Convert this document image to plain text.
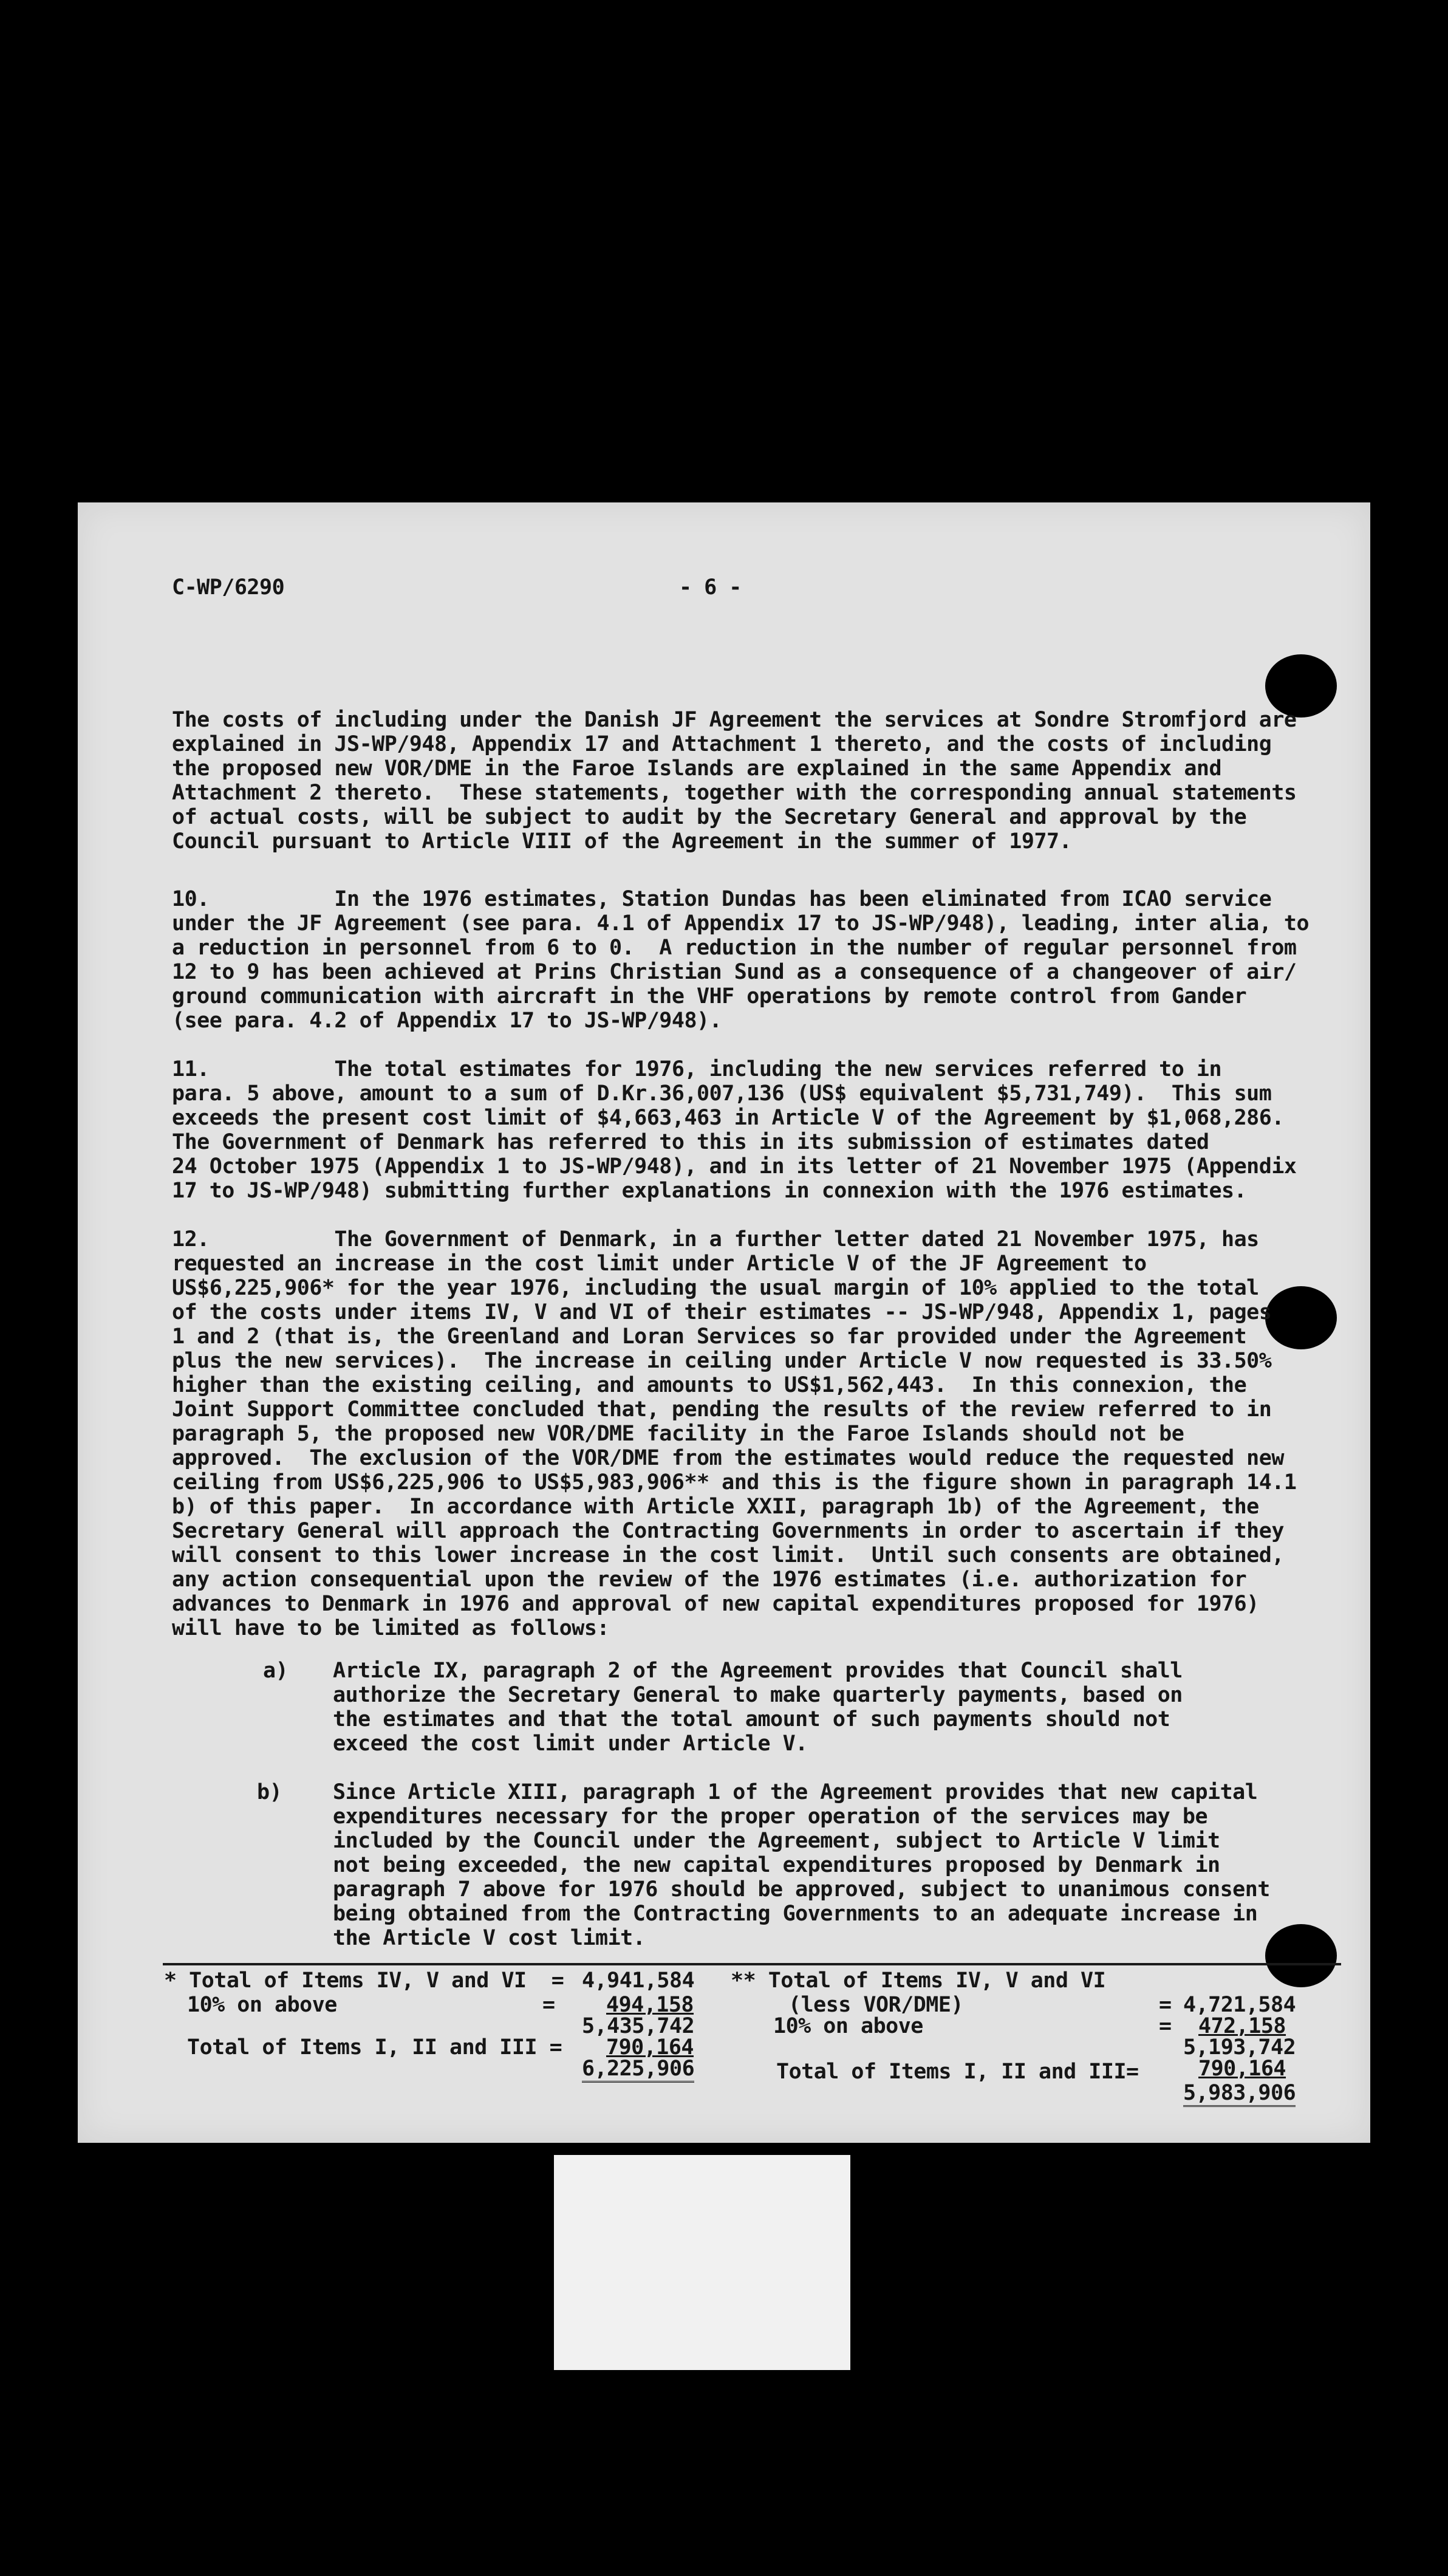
C-WP/6290	- 6 -
The costs of including under the Danish JF Agreement the services at Sondre Stromfjord are
explained in JS-WP/948, Appendix 17 and Attachment 1 thereto, and the costs of including
the proposed new VOR/DME in the Faroe Islands are explained in the same Appendix and
Attachment 2 thereto.  These statements, together with the corresponding annual statements
of actual costs, will be subject to audit by the Secretary General and approval by the
Council pursuant to Article VIII of the Agreement in the summer of 1977.
10.          In the 1976 estimates, Station Dundas has been eliminated from ICAO service
under the JF Agreement (see para. 4.1 of Appendix 17 to JS-WP/948), leading, inter alia, to
a reduction in personnel from 6 to 0.  A reduction in the number of regular personnel from
12 to 9 has been achieved at Prins Christian Sund as a consequence of a changeover of air/
ground communication with aircraft in the VHF operations by remote control from Gander
(see para. 4.2 of Appendix 17 to JS-WP/948).
11.          The total estimates for 1976, including the new services referred to in
para. 5 above, amount to a sum of D.Kr.36,007,136 (US$ equivalent $5,731,749).  This sum
exceeds the present cost limit of $4,663,463 in Article V of the Agreement by $1,068,286.
The Government of Denmark has referred to this in its submission of estimates dated
24 October 1975 (Appendix 1 to JS-WP/948), and in its letter of 21 November 1975 (Appendix
17 to JS-WP/948) submitting further explanations in connexion with the 1976 estimates.
12.          The Government of Denmark, in a further letter dated 21 November 1975, has
requested an increase in the cost limit under Article V of the JF Agreement to
US$6,225,906* for the year 1976, including the usual margin of 10% applied to the total
of the costs under items IV, V and VI of their estimates -- JS-WP/948, Appendix 1, pages
1 and 2 (that is, the Greenland and Loran Services so far provided under the Agreement
plus the new services).  The increase in ceiling under Article V now requested is 33.50%
higher than the existing ceiling, and amounts to US$1,562,443.  In this connexion, the
Joint Support Committee concluded that, pending the results of the review referred to in
paragraph 5, the proposed new VOR/DME facility in the Faroe Islands should not be
approved.  The exclusion of the VOR/DME from the estimates would reduce the requested new
ceiling from US$6,225,906 to US$5,983,906** and this is the figure shown in paragraph 14.1
b) of this paper.  In accordance with Article XXII, paragraph 1b) of the Agreement, the
Secretary General will approach the Contracting Governments in order to ascertain if they
will consent to this lower increase in the cost limit.  Until such consents are obtained,
any action consequential upon the review of the 1976 estimates (i.e. authorization for
advances to Denmark in 1976 and approval of new capital expenditures proposed for 1976)
will have to be limited as follows:
a) Article IX, paragraph 2 of the Agreement provides that Council shall
authorize the Secretary General to make quarterly payments, based on
the estimates and that the total amount of such payments should not
exceed the cost limit under Article V.
b) Since Article XIII, paragraph 1 of the Agreement provides that new capital
expenditures necessary for the proper operation of the services may be
included by the Council under the Agreement, subject to Article V limit
not being exceeded, the new capital expenditures proposed by Denmark in
paragraph 7 above for 1976 should be approved, subject to unanimous consent
being obtained from the Contracting Governments to an adequate increase in
the Article V cost limit.
* Total of Items IV, V and VI  = 4,941,584
10% on above	= 494,158
5,435,742
Total of Items I, II and III = 790,164
6,225,906
** Total of Items IV, V and VI
(less VOR/DME)	= 4,721,584
10% on above	= 472,158
5,193,742
Total of Items I, II and III=	790,164
5,983,906
